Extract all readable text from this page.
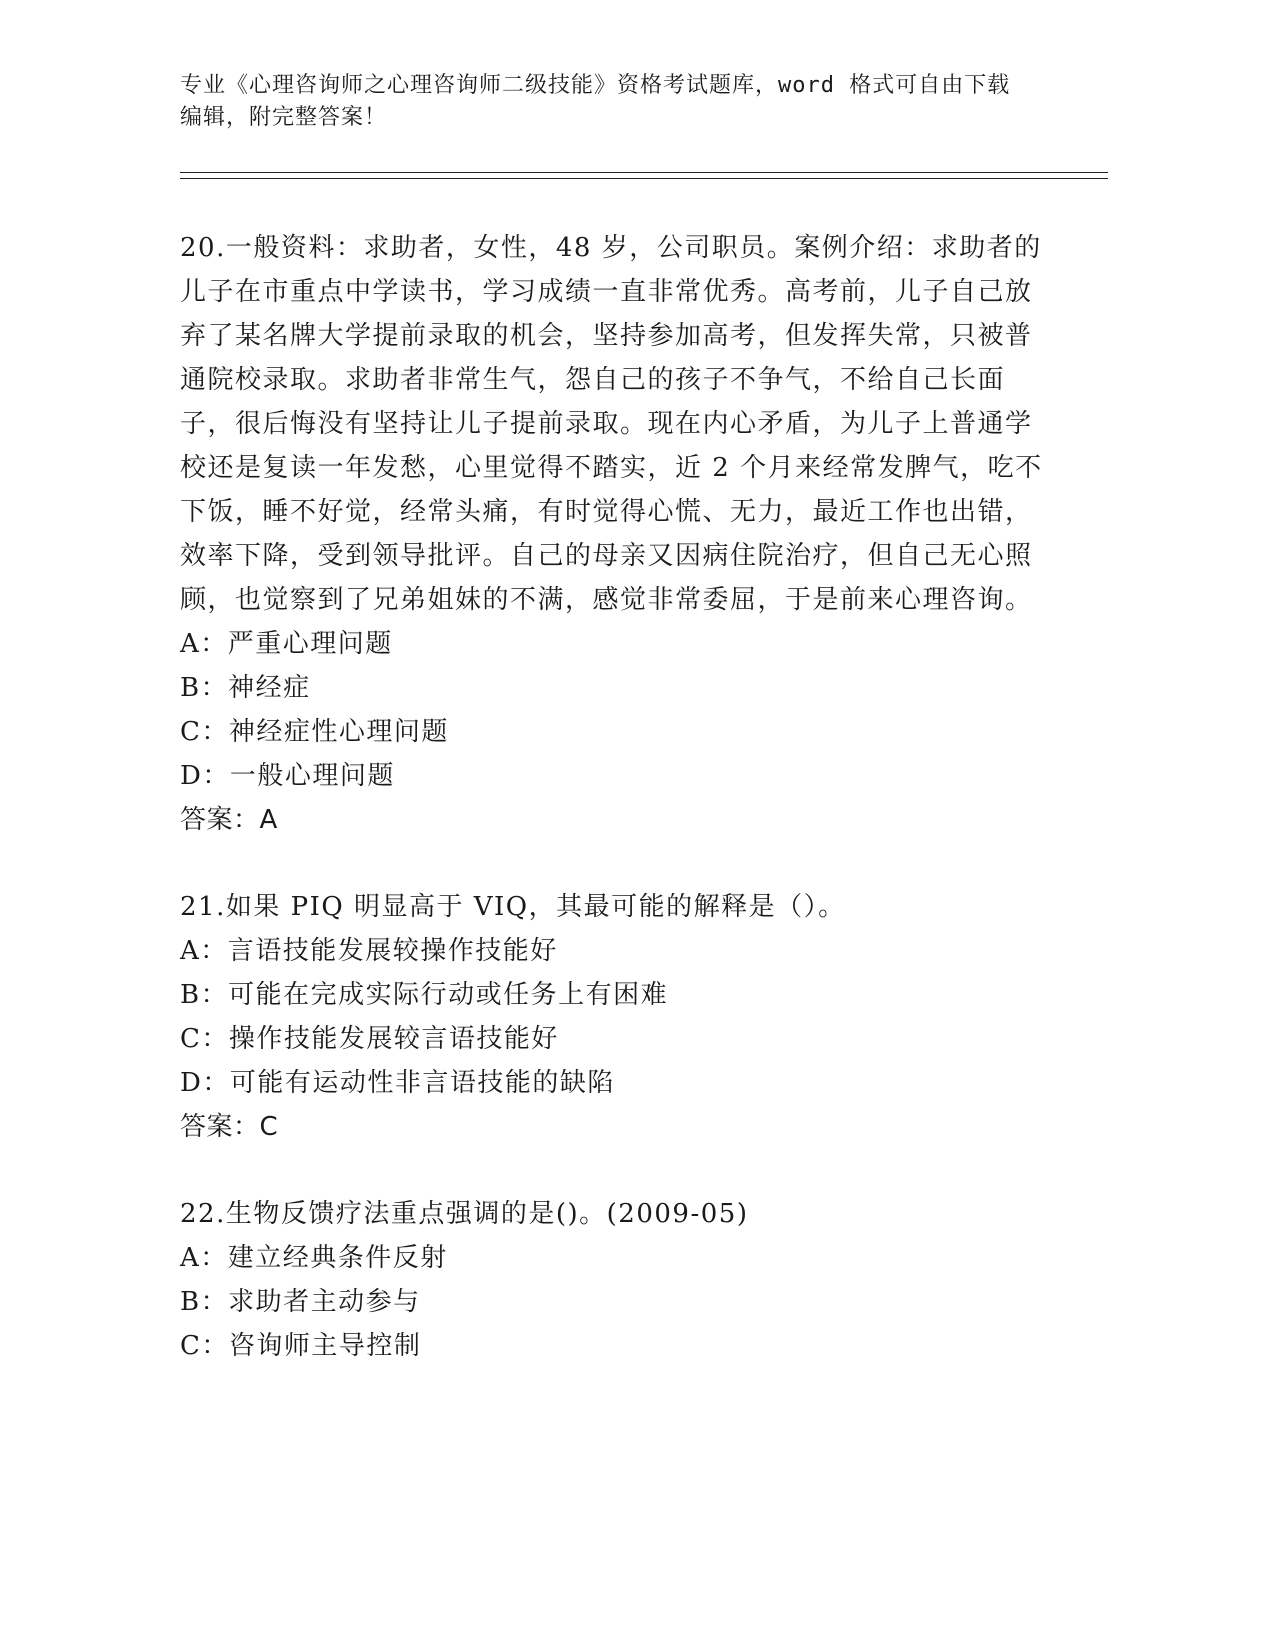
专业《心理咨询师之心理咨询师二级技能》资格考试题库，word 格式可自由下载
编辑，附完整答案！
20.一般资料：求助者，女性，48 岁，公司职员。案例介绍：求助者的儿子在市重点中学读书，学习成绩一直非常优秀。高考前，儿子自己放弃了某名牌大学提前录取的机会，坚持参加高考，但发挥失常，只被普通院校录取。求助者非常生气，怨自己的孩子不争气，不给自己长面子，很后悔没有坚持让儿子提前录取。现在内心矛盾，为儿子上普通学校还是复读一年发愁，心里觉得不踏实，近 2 个月来经常发脾气，吃不下饭，睡不好觉，经常头痛，有时觉得心慌、无力，最近工作也出错，效率下降，受到领导批评。自己的母亲又因病住院治疗，但自己无心照顾，也觉察到了兄弟姐妹的不满，感觉非常委屈，于是前来心理咨询。
A：严重心理问题
B：神经症
C：神经症性心理问题
D：一般心理问题
答案：A
21.如果 PIQ 明显高于 VIQ，其最可能的解释是（）。
A：言语技能发展较操作技能好
B：可能在完成实际行动或任务上有困难
C：操作技能发展较言语技能好
D：可能有运动性非言语技能的缺陷
答案：C
22.生物反馈疗法重点强调的是()。(2009-05)
A：建立经典条件反射
B：求助者主动参与
C：咨询师主导控制
